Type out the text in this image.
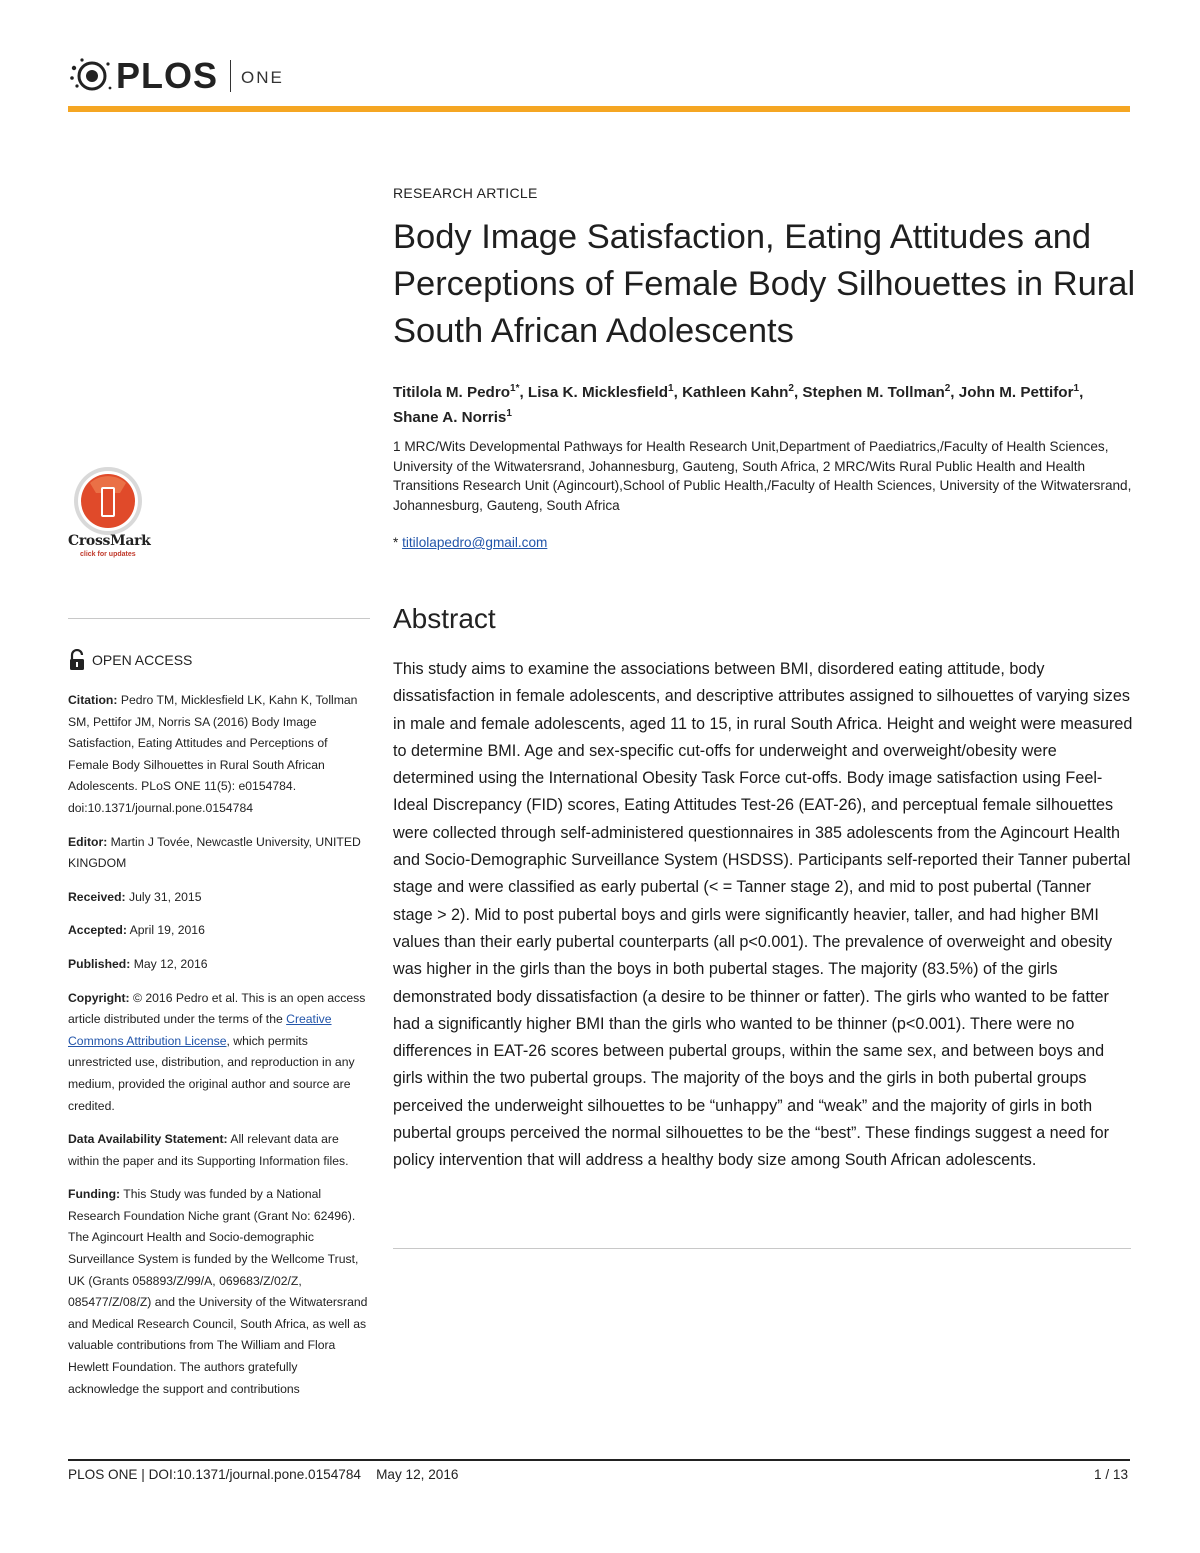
PLOS ONE
RESEARCH ARTICLE
Body Image Satisfaction, Eating Attitudes and Perceptions of Female Body Silhouettes in Rural South African Adolescents
Titilola M. Pedro$^{1*}$, Lisa K. Micklesfield$^1$, Kathleen Kahn$^2$, Stephen M. Tollman$^2$, John M. Pettifor$^1$, Shane A. Norris$^1$
1 MRC/Wits Developmental Pathways for Health Research Unit,Department of Paediatrics,/Faculty of Health Sciences, University of the Witwatersrand, Johannesburg, Gauteng, South Africa, 2 MRC/Wits Rural Public Health and Health Transitions Research Unit (Agincourt),School of Public Health,/Faculty of Health Sciences, University of the Witwatersrand, Johannesburg, Gauteng, South Africa
* titilolapedro@gmail.com
Abstract
This study aims to examine the associations between BMI, disordered eating attitude, body dissatisfaction in female adolescents, and descriptive attributes assigned to silhouettes of varying sizes in male and female adolescents, aged 11 to 15, in rural South Africa. Height and weight were measured to determine BMI. Age and sex-specific cut-offs for underweight and overweight/obesity were determined using the International Obesity Task Force cut-offs. Body image satisfaction using Feel-Ideal Discrepancy (FID) scores, Eating Attitudes Test-26 (EAT-26), and perceptual female silhouettes were collected through self-administered questionnaires in 385 adolescents from the Agincourt Health and Socio-Demographic Surveillance System (HSDSS). Participants self-reported their Tanner pubertal stage and were classified as early pubertal (< = Tanner stage 2), and mid to post pubertal (Tanner stage > 2). Mid to post pubertal boys and girls were significantly heavier, taller, and had higher BMI values than their early pubertal counterparts (all p<0.001). The prevalence of overweight and obesity was higher in the girls than the boys in both pubertal stages. The majority (83.5%) of the girls demonstrated body dissatisfaction (a desire to be thinner or fatter). The girls who wanted to be fatter had a significantly higher BMI than the girls who wanted to be thinner (p<0.001). There were no differences in EAT-26 scores between pubertal groups, within the same sex, and between boys and girls within the two pubertal groups. The majority of the boys and the girls in both pubertal groups perceived the underweight silhouettes to be “unhappy” and “weak” and the majority of girls in both pubertal groups perceived the normal silhouettes to be the “best”. These findings suggest a need for policy intervention that will address a healthy body size among South African adolescents.
CrossMark
click for updates
OPEN ACCESS

Citation: Pedro TM, Micklesfield LK, Kahn K, Tollman SM, Pettifor JM, Norris SA (2016) Body Image Satisfaction, Eating Attitudes and Perceptions of Female Body Silhouettes in Rural South African Adolescents. PLoS ONE 11(5): e0154784. doi:10.1371/journal.pone.0154784

Editor: Martin J Tovée, Newcastle University, UNITED KINGDOM

Received: July 31, 2015

Accepted: April 19, 2016

Published: May 12, 2016

Copyright: © 2016 Pedro et al. This is an open access article distributed under the terms of the Creative Commons Attribution License, which permits unrestricted use, distribution, and reproduction in any medium, provided the original author and source are credited.

Data Availability Statement: All relevant data are within the paper and its Supporting Information files.

Funding: This Study was funded by a National Research Foundation Niche grant (Grant No: 62496). The Agincourt Health and Socio-demographic Surveillance System is funded by the Wellcome Trust, UK (Grants 058893/Z/99/A, 069683/Z/02/Z, 085477/Z/08/Z) and the University of the Witwatersrand and Medical Research Council, South Africa, as well as valuable contributions from The William and Flora Hewlett Foundation. The authors gratefully acknowledge the support and contributions

PLOS ONE | DOI:10.1371/journal.pone.0154784    May 12, 2016	1 / 13
